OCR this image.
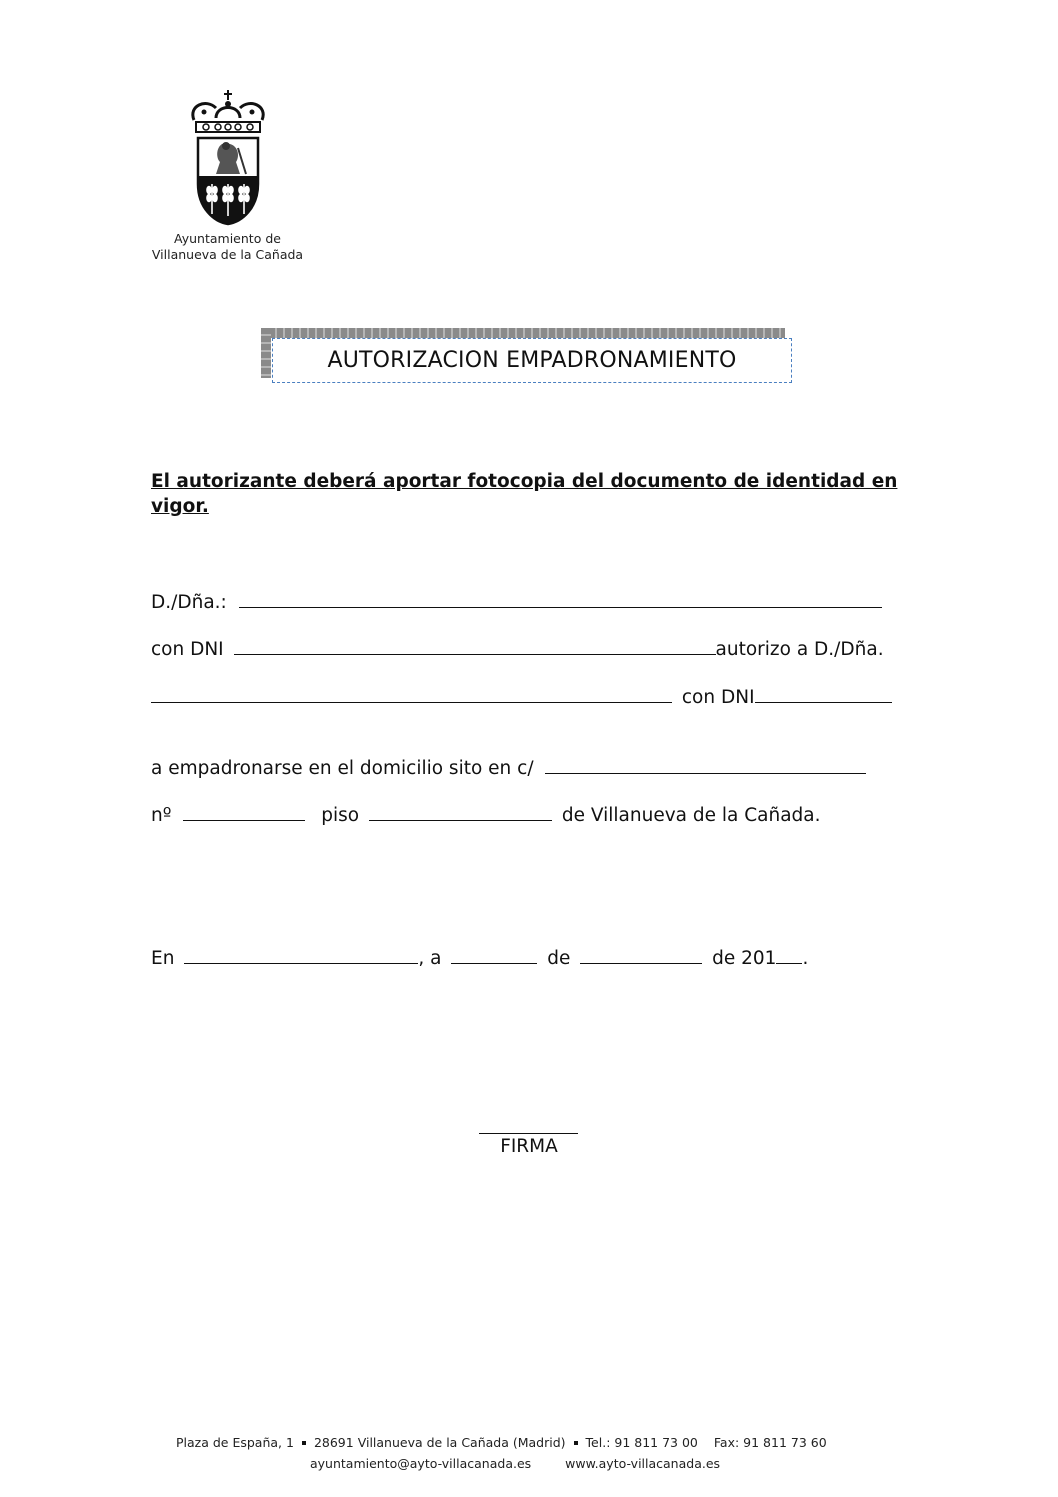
Ayuntamiento de
Villanueva de la Cañada
AUTORIZACION EMPADRONAMIENTO
El autorizante deberá aportar fotocopia del documento de identidad en vigor.
D./Dña.:
con DNI	autorizo a D./Dña.
con DNI
a empadronarse en el domicilio sito en c/
nº	piso	de Villanueva de la Cañada.
En	, a	de	de 201 .
FIRMA
Plaza de España, 1 28691 Villanueva de la Cañada (Madrid) Tel.: 91 811 73 00 Fax: 91 811 73 60
ayuntamiento@ayto-villacanada.es	www.ayto-villacanada.es
